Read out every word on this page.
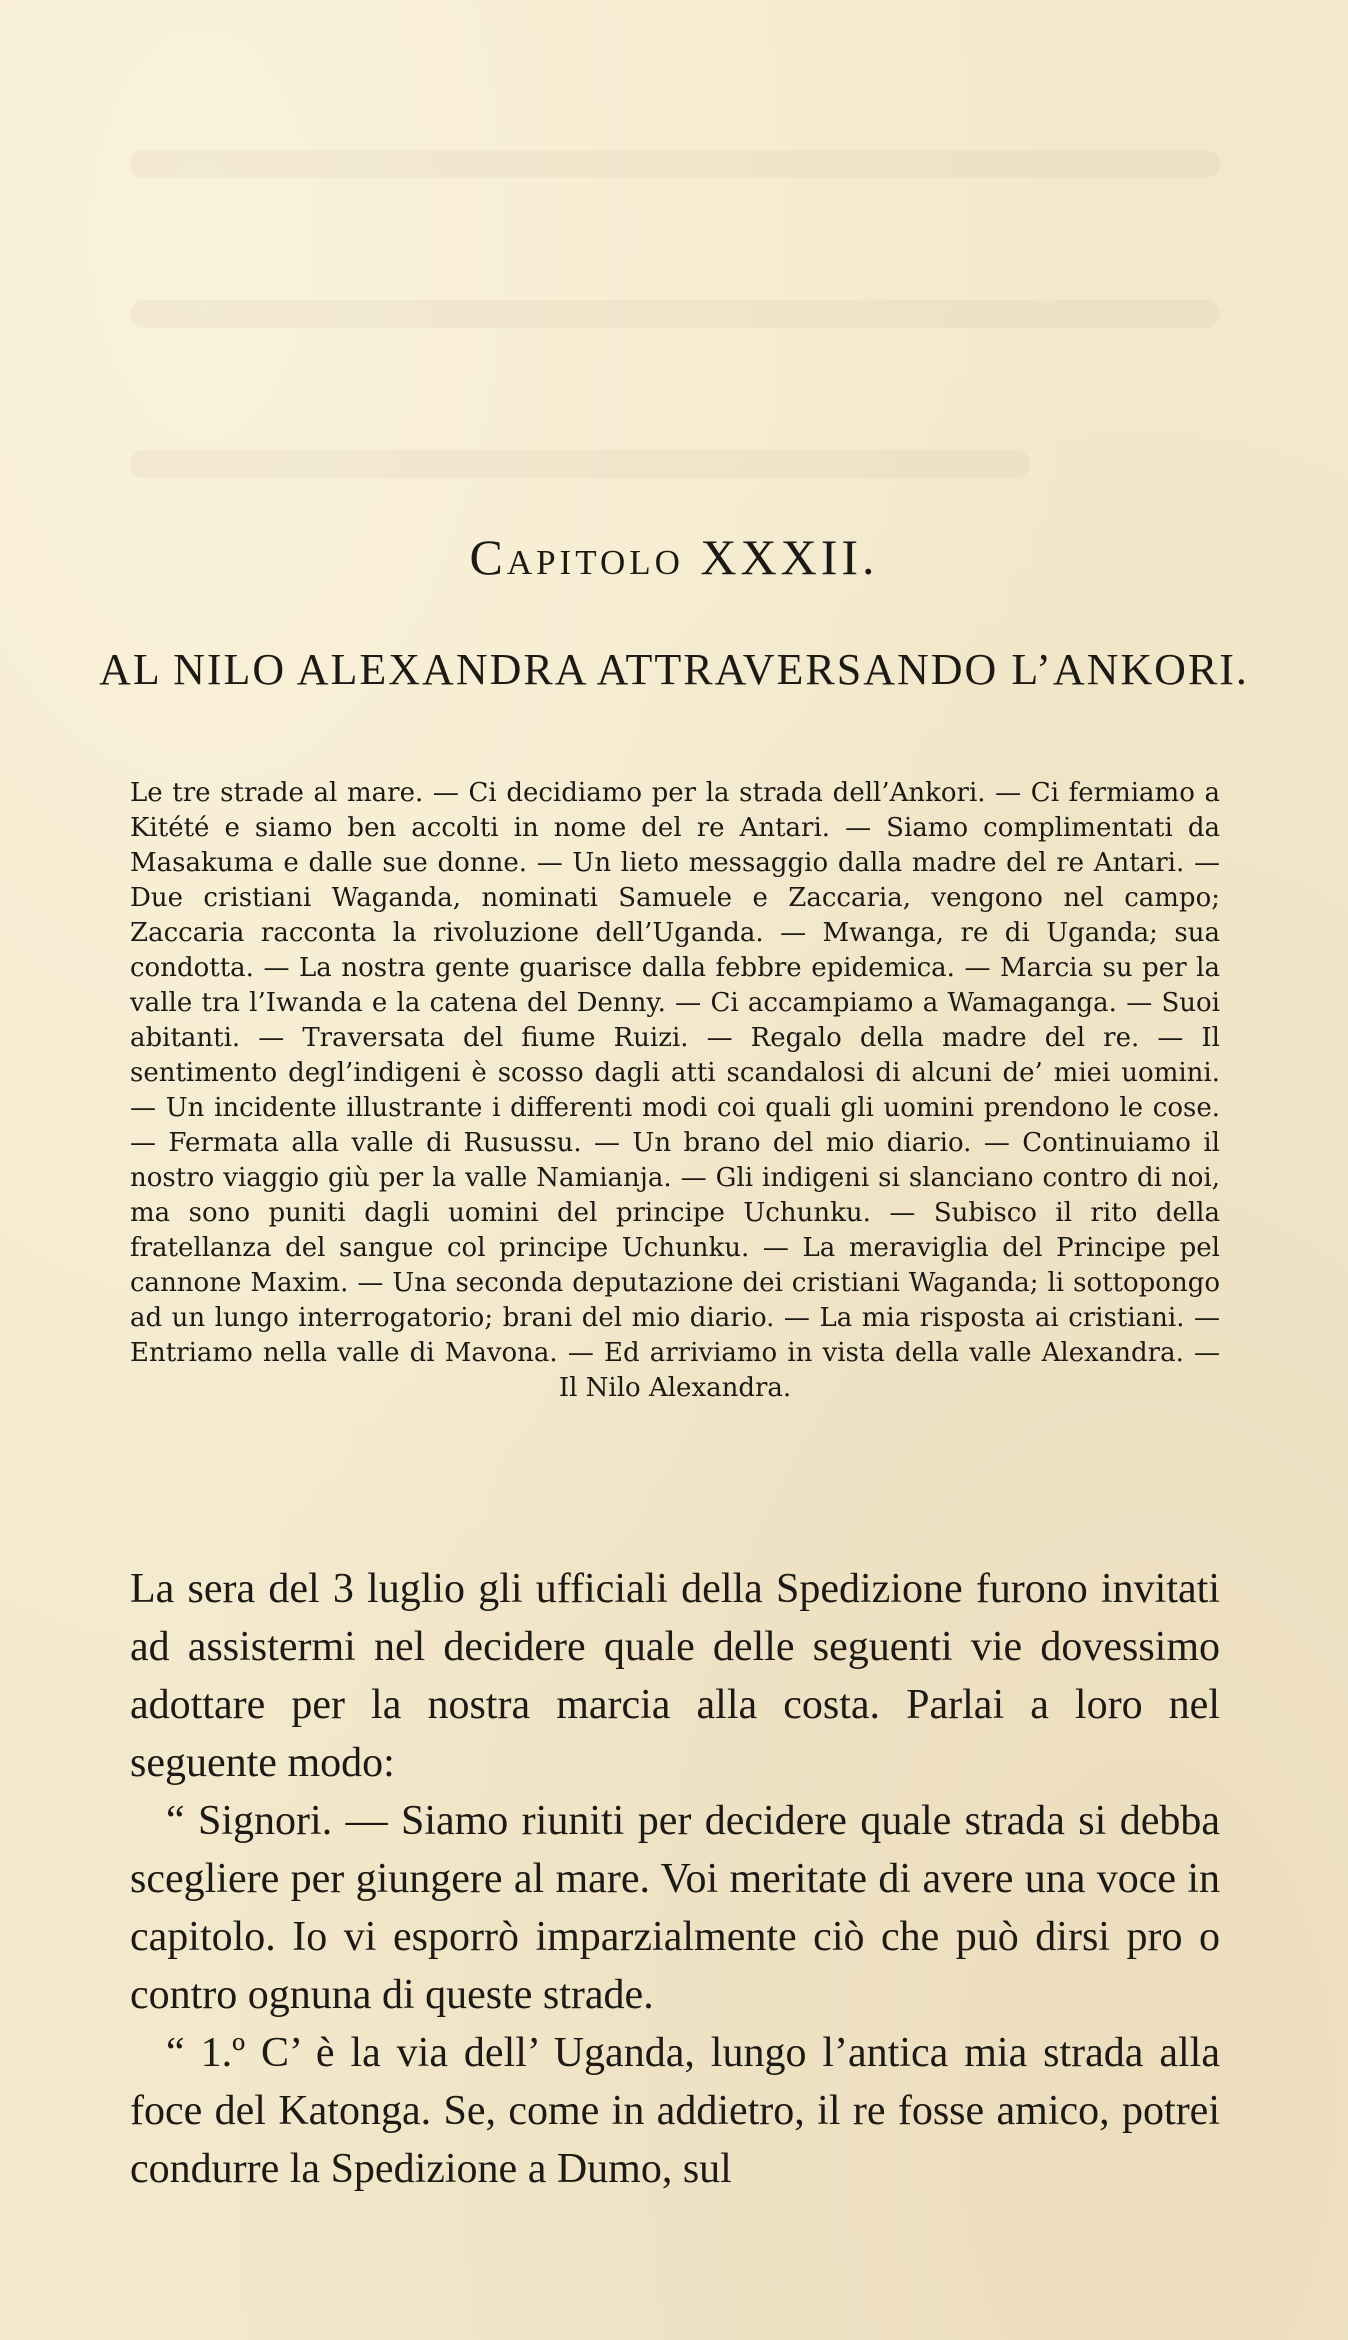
Capitolo XXXII.
AL NILO ALEXANDRA ATTRAVERSANDO L’ANKORI.

Le tre strade al mare. — Ci decidiamo per la strada dell’Ankori. — Ci fermiamo a Kitété e siamo ben accolti in nome del re Antari. — Siamo complimentati da Masakuma e dalle sue donne. — Un lieto messaggio dalla madre del re Antari. — Due cristiani Waganda, nominati Samuele e Zaccaria, vengono nel campo; Zaccaria racconta la rivoluzione dell’Uganda. — Mwanga, re di Uganda; sua condotta. — La nostra gente guarisce dalla febbre epidemica. — Marcia su per la valle tra l’Iwanda e la catena del Denny. — Ci accampiamo a Wamaganga. — Suoi abitanti. — Traversata del fiume Ruizi. — Regalo della madre del re. — Il sentimento degl’indigeni è scosso dagli atti scandalosi di alcuni de’ miei uomini. — Un incidente illustrante i differenti modi coi quali gli uomini prendono le cose. — Fermata alla valle di Rusussu. — Un brano del mio diario. — Continuiamo il nostro viaggio giù per la valle Namianja. — Gli indigeni si slanciano contro di noi, ma sono puniti dagli uomini del principe Uchunku. — Subisco il rito della fratellanza del sangue col principe Uchunku. — La meraviglia del Principe pel cannone Maxim. — Una seconda deputazione dei cristiani Waganda; li sottopongo ad un lungo interrogatorio; brani del mio diario. — La mia risposta ai cristiani. — Entriamo nella valle di Mavona. — Ed arriviamo in vista della valle Alexandra. — Il Nilo Alexandra.

La sera del 3 luglio gli ufficiali della Spedizione furono invitati ad assistermi nel decidere quale delle seguenti vie dovessimo adottare per la nostra marcia alla costa. Parlai a loro nel seguente modo:

“ Signori. — Siamo riuniti per decidere quale strada si debba scegliere per giungere al mare. Voi meritate di avere una voce in capitolo. Io vi esporrò imparzialmente ciò che può dirsi pro o contro ognuna di queste strade.

“ 1.º C’ è la via dell’ Uganda, lungo l’antica mia strada alla foce del Katonga. Se, come in addietro, il re fosse amico, potrei condurre la Spedizione a Dumo, sul
